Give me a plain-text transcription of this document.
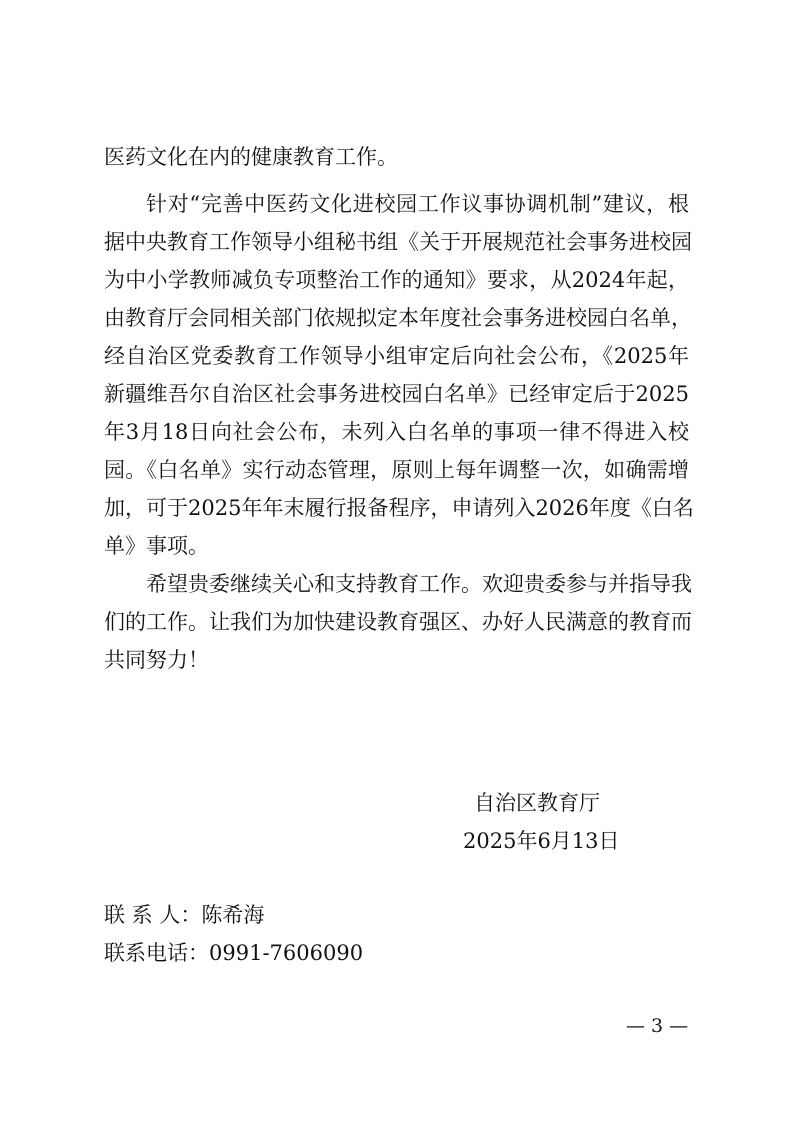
医药文化在内的健康教育工作。
针对“完善中医药文化进校园工作议事协调机制”建议，根
据中央教育工作领导小组秘书组《关于开展规范社会事务进校园
为中小学教师减负专项整治工作的通知》要求，从2024年起，
由教育厅会同相关部门依规拟定本年度社会事务进校园白名单，
经自治区党委教育工作领导小组审定后向社会公布，《2025年
新疆维吾尔自治区社会事务进校园白名单》已经审定后于2025
年3月18日向社会公布，未列入白名单的事项一律不得进入校
园。《白名单》实行动态管理，原则上每年调整一次，如确需增
加，可于2025年年末履行报备程序，申请列入2026年度《白名
单》事项。
希望贵委继续关心和支持教育工作。欢迎贵委参与并指导我
们的工作。让我们为加快建设教育强区、办好人民满意的教育而
共同努力！
自治区教育厅
2025年6月13日
联 系 人：陈希海
联系电话：0991-7606090
— 3 —
